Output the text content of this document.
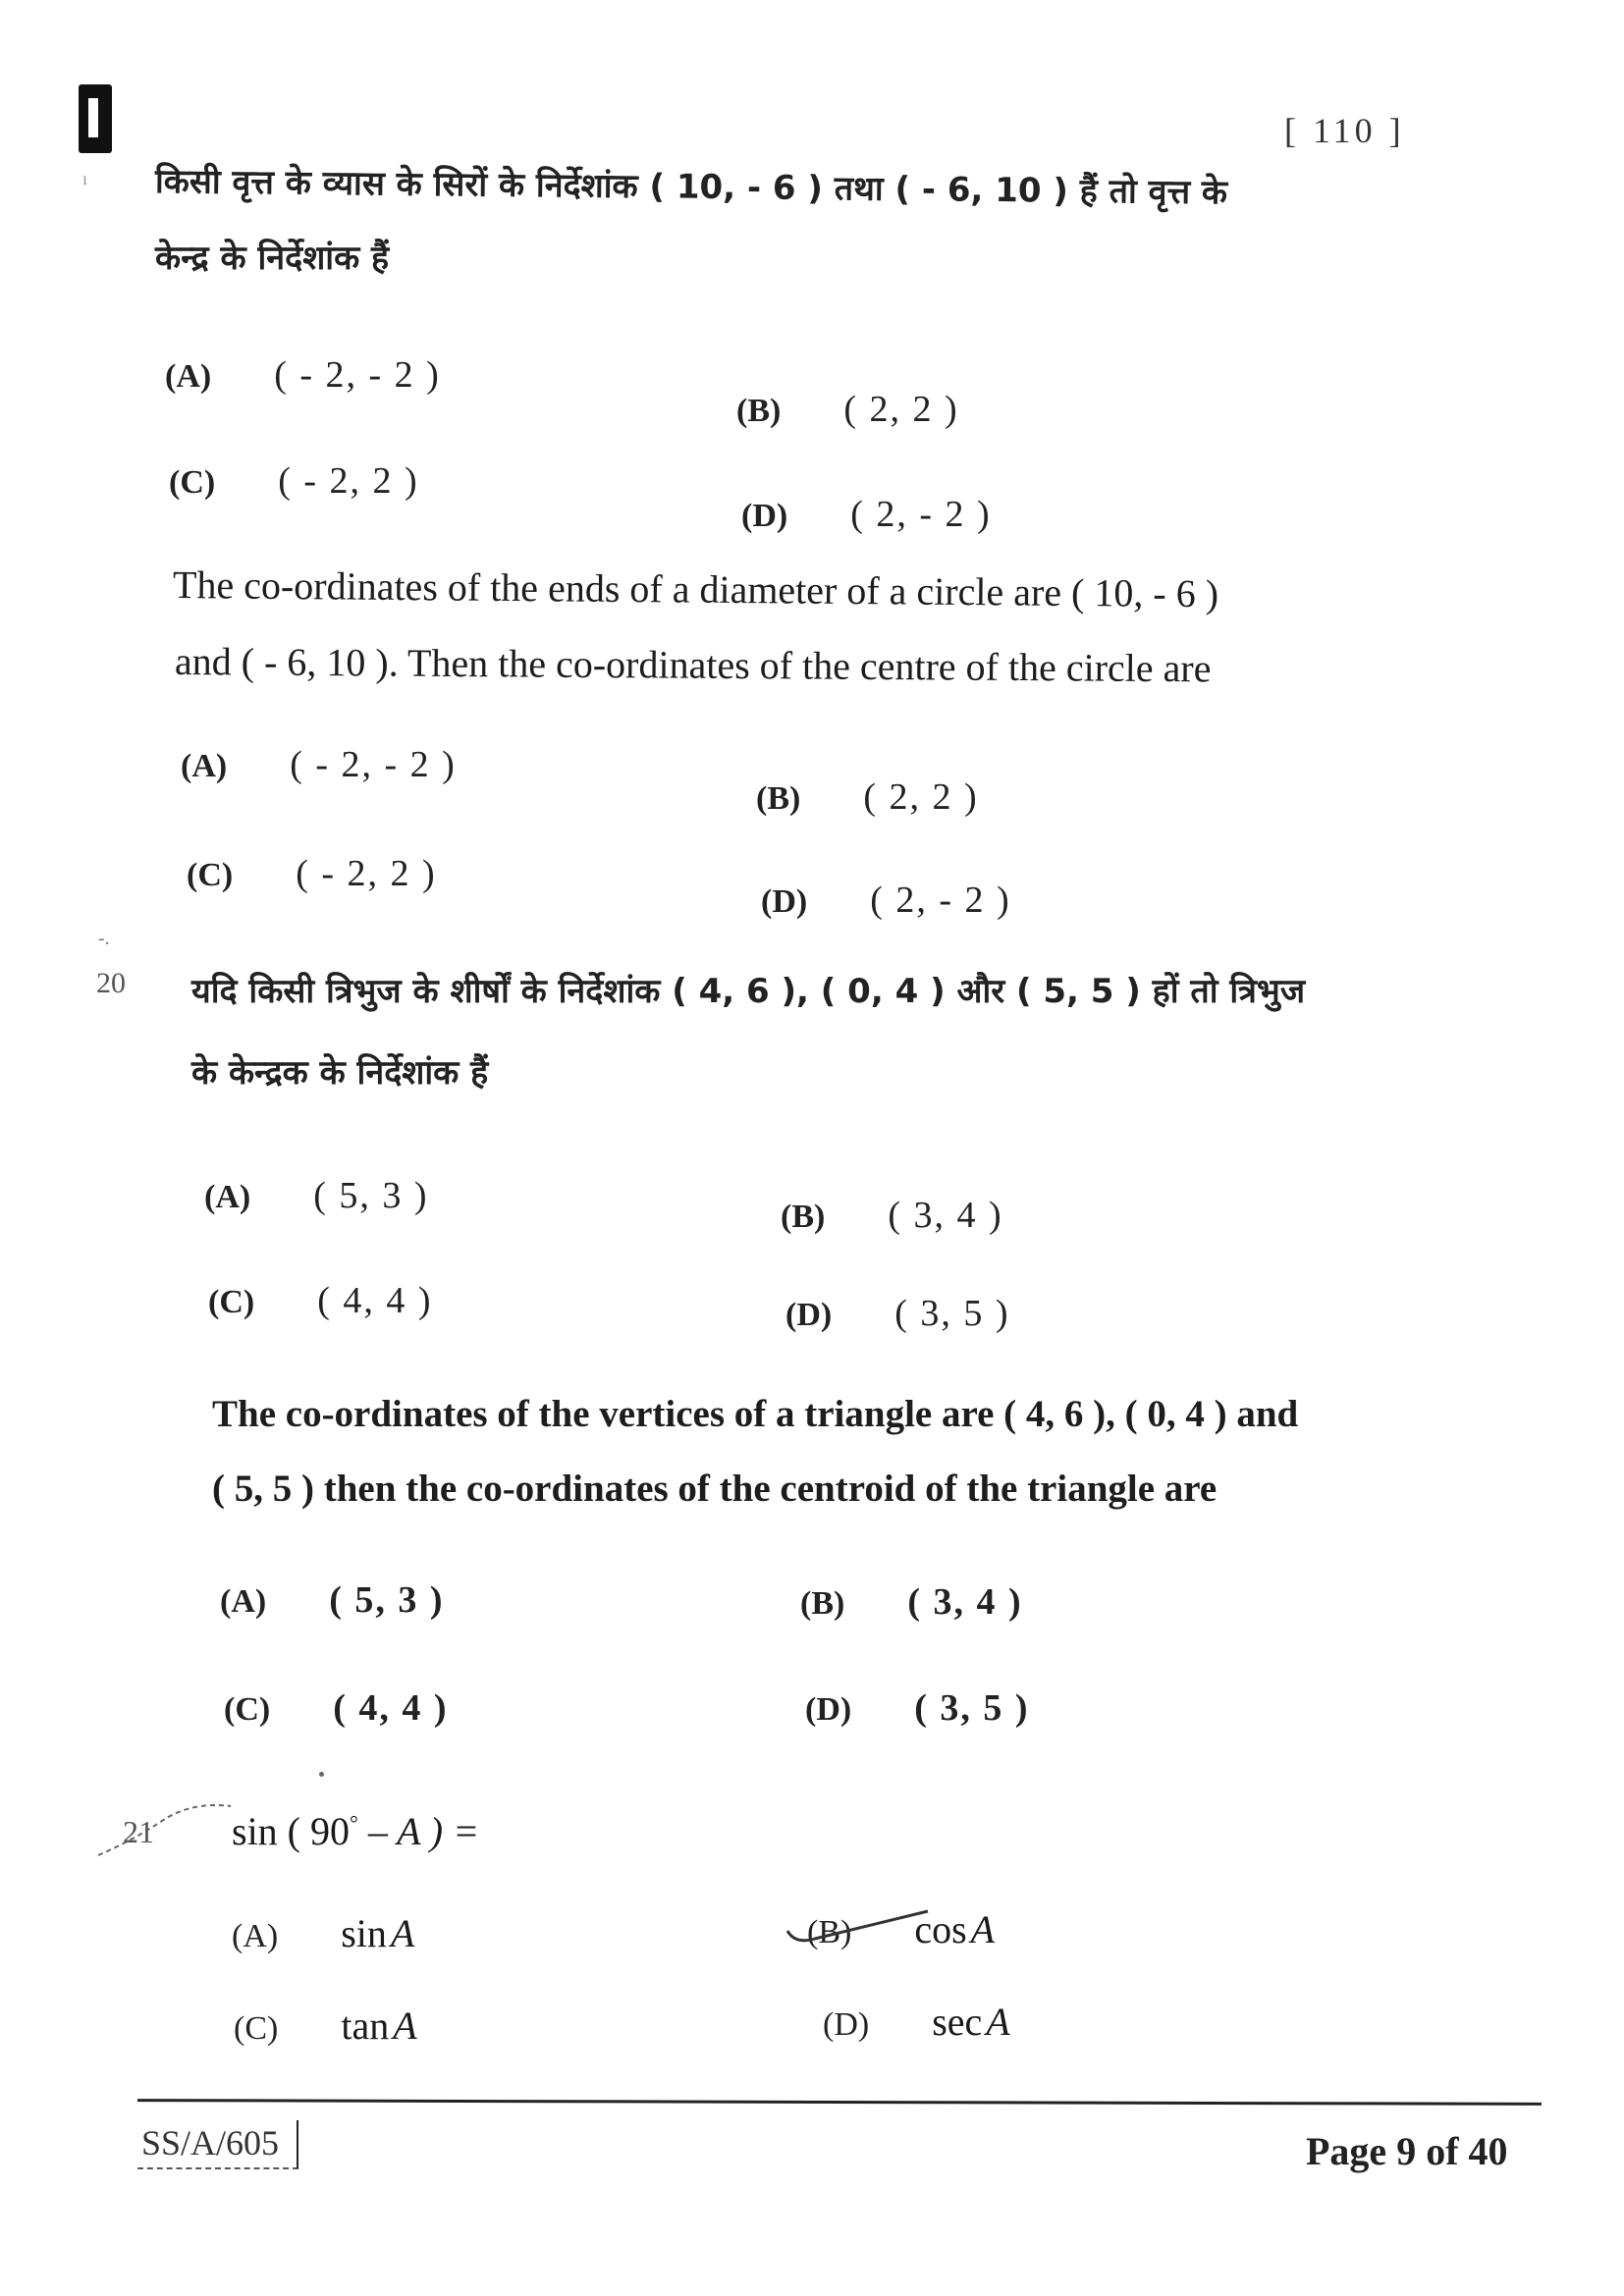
ı
[ 110 ]
किसी वृत्त के व्यास के सिरों के निर्देशांक ( 10, - 6 ) तथा ( - 6, 10 ) हैं तो वृत्त के
केन्द्र के निर्देशांक हैं
(A) ( - 2, - 2 )
(B) ( 2, 2 )
(C) ( - 2, 2 )
(D) ( 2, - 2 )
The co-ordinates of the ends of a diameter of a circle are ( 10, - 6 )
and ( - 6, 10 ). Then the co-ordinates of the centre of the circle are
(A) ( - 2, - 2 )
(B) ( 2, 2 )
(C) ( - 2, 2 )
(D) ( 2, - 2 )
-.
20 यदि किसी त्रिभुज के शीर्षों के निर्देशांक ( 4, 6 ), ( 0, 4 ) और ( 5, 5 ) हों तो त्रिभुज
के केन्द्रक के निर्देशांक हैं
(A) ( 5, 3 )
(B) ( 3, 4 )
(C) ( 4, 4 )	(D) ( 3, 5 )
The co-ordinates of the vertices of a triangle are ( 4, 6 ), ( 0, 4 ) and
( 5, 5 ) then the co-ordinates of the centroid of the triangle are
(A) ( 5, 3 )	(B) ( 3, 4 )
(C) ( 4, 4 )	(D) ( 3, 5 )
21 sin ( 90° – A ) =
(A) sin A	(B) cos A
(C) tan A	(D) sec A
SS/A/605	Page 9 of 40
